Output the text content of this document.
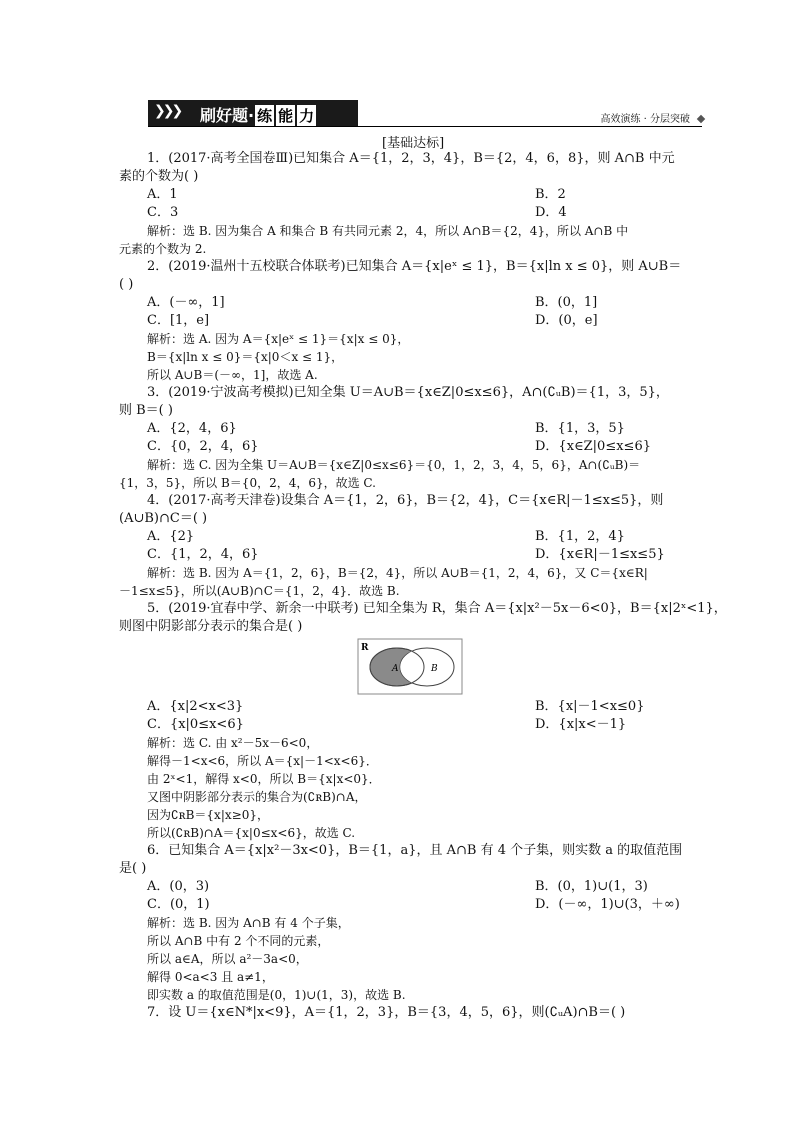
❯❯❯ 刷好题· 练 能 力	高效演练 · 分层突破
[基础达标]
1．(2017·高考全国卷Ⅲ)已知集合 A＝{1，2，3，4}，B＝{2，4，6，8}，则 A∩B 中元
素的个数为( )
A．1	B．2
C．3	D．4
解析：选 B. 因为集合 A 和集合 B 有共同元素 2，4，所以 A∩B＝{2，4}，所以 A∩B 中
元素的个数为 2.
2．(2019·温州十五校联合体联考)已知集合 A＝{x|eˣ ≤ 1}，B＝{x|ln x ≤ 0}，则 A∪B＝
( )
A．(－∞，1]	B．(0，1]
C．[1，e]	D．(0，e]
解析：选 A. 因为 A＝{x|eˣ ≤ 1}＝{x|x ≤ 0}，
B＝{x|ln x ≤ 0}＝{x|0＜x ≤ 1}，
所以 A∪B＝(－∞，1]，故选 A.
3．(2019·宁波高考模拟)已知全集 U＝A∪B＝{x∈Z|0≤x≤6}，A∩(∁ᵤB)＝{1，3，5}，
则 B＝( )
A．{2，4，6}	B．{1，3，5}
C．{0，2，4，6}	D．{x∈Z|0≤x≤6}
解析：选 C. 因为全集 U＝A∪B＝{x∈Z|0≤x≤6}＝{0，1，2，3，4，5，6}，A∩(∁ᵤB)＝
{1，3，5}，所以 B＝{0，2，4，6}，故选 C.
4．(2017·高考天津卷)设集合 A＝{1，2，6}，B＝{2，4}，C＝{x∈R|－1≤x≤5}，则
(A∪B)∩C＝( )
A．{2}	B．{1，2，4}
C．{1，2，4，6}	D．{x∈R|－1≤x≤5}
解析：选 B. 因为 A＝{1，2，6}，B＝{2，4}，所以 A∪B＝{1，2，4，6}，又 C＝{x∈R|
－1≤x≤5}，所以(A∪B)∩C＝{1，2，4}．故选 B.
5．(2019·宜春中学、新余一中联考) 已知全集为 R，集合 A＝{x|x²－5x－6<0}，B＝{x|2ˣ<1}，
则图中阴影部分表示的集合是( )
R
A	B
A．{x|2<x<3}	B．{x|－1<x≤0}
C．{x|0≤x<6}	D．{x|x<－1}
解析：选 C. 由 x²－5x－6<0，
解得－1<x<6，所以 A＝{x|－1<x<6}．
由 2ˣ<1，解得 x<0，所以 B＝{x|x<0}．
又图中阴影部分表示的集合为(∁ʀB)∩A，
因为∁ʀB＝{x|x≥0}，
所以(∁ʀB)∩A＝{x|0≤x<6}，故选 C.
6．已知集合 A＝{x|x²－3x<0}，B＝{1，a}，且 A∩B 有 4 个子集，则实数 a 的取值范围
是( )
A．(0，3)	B．(0，1)∪(1，3)
C．(0，1)	D．(－∞，1)∪(3，＋∞)
解析：选 B. 因为 A∩B 有 4 个子集，
所以 A∩B 中有 2 个不同的元素，
所以 a∈A，所以 a²－3a<0，
解得 0<a<3 且 a≠1，
即实数 a 的取值范围是(0，1)∪(1，3)，故选 B.
7．设 U＝{x∈N*|x<9}，A＝{1，2，3}，B＝{3，4，5，6}，则(∁ᵤA)∩B＝( )
